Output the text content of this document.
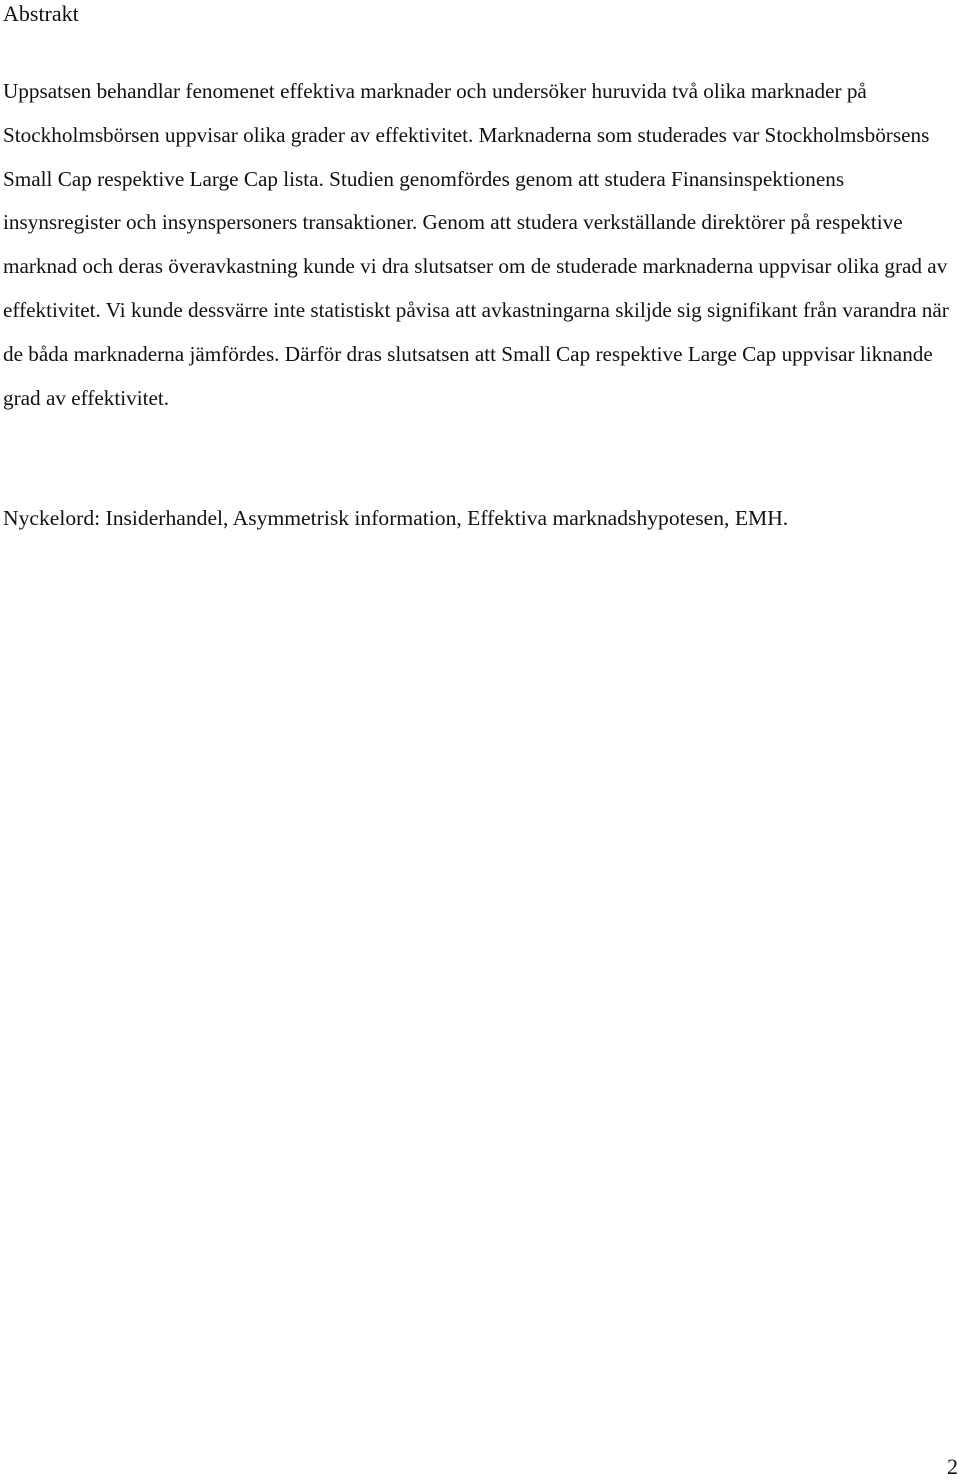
Abstrakt

Uppsatsen behandlar fenomenet effektiva marknader och undersöker huruvida två olika marknader på Stockholmsbörsen uppvisar olika grader av effektivitet. Marknaderna som studerades var Stockholmsbörsens Small Cap respektive Large Cap lista. Studien genomfördes genom att studera Finansinspektionens insynsregister och insynspersoners transaktioner. Genom att studera verkställande direktörer på respektive marknad och deras överavkastning kunde vi dra slutsatser om de studerade marknaderna uppvisar olika grad av effektivitet. Vi kunde dessvärre inte statistiskt påvisa att avkastningarna skiljde sig signifikant från varandra när de båda marknaderna jämfördes. Därför dras slutsatsen att Small Cap respektive Large Cap uppvisar liknande grad av effektivitet.

Nyckelord: Insiderhandel, Asymmetrisk information, Effektiva marknadshypotesen, EMH.

2
